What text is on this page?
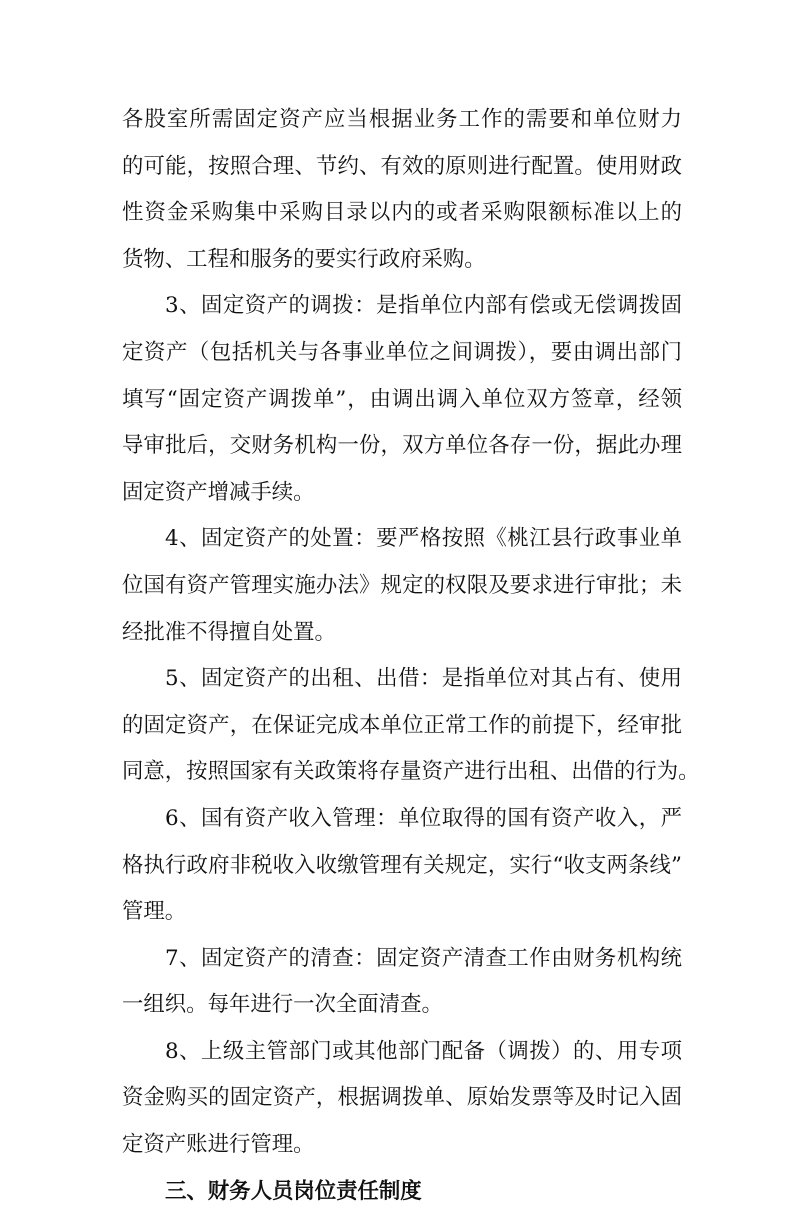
各股室所需固定资产应当根据业务工作的需要和单位财力
的可能，按照合理、节约、有效的原则进行配置。使用财政
性资金采购集中采购目录以内的或者采购限额标准以上的
货物、工程和服务的要实行政府采购。
3、固定资产的调拨：是指单位内部有偿或无偿调拨固
定资产（包括机关与各事业单位之间调拨），要由调出部门
填写“固定资产调拨单”，由调出调入单位双方签章，经领
导审批后，交财务机构一份，双方单位各存一份，据此办理
固定资产增减手续。
4、固定资产的处置：要严格按照《桃江县行政事业单
位国有资产管理实施办法》规定的权限及要求进行审批；未
经批准不得擅自处置。
5、固定资产的出租、出借：是指单位对其占有、使用
的固定资产，在保证完成本单位正常工作的前提下，经审批
同意，按照国家有关政策将存量资产进行出租、出借的行为。
6、国有资产收入管理：单位取得的国有资产收入，严
格执行政府非税收入收缴管理有关规定，实行“收支两条线”
管理。
7、固定资产的清查：固定资产清查工作由财务机构统
一组织。每年进行一次全面清查。
8、上级主管部门或其他部门配备（调拨）的、用专项
资金购买的固定资产，根据调拨单、原始发票等及时记入固
定资产账进行管理。
三、财务人员岗位责任制度
